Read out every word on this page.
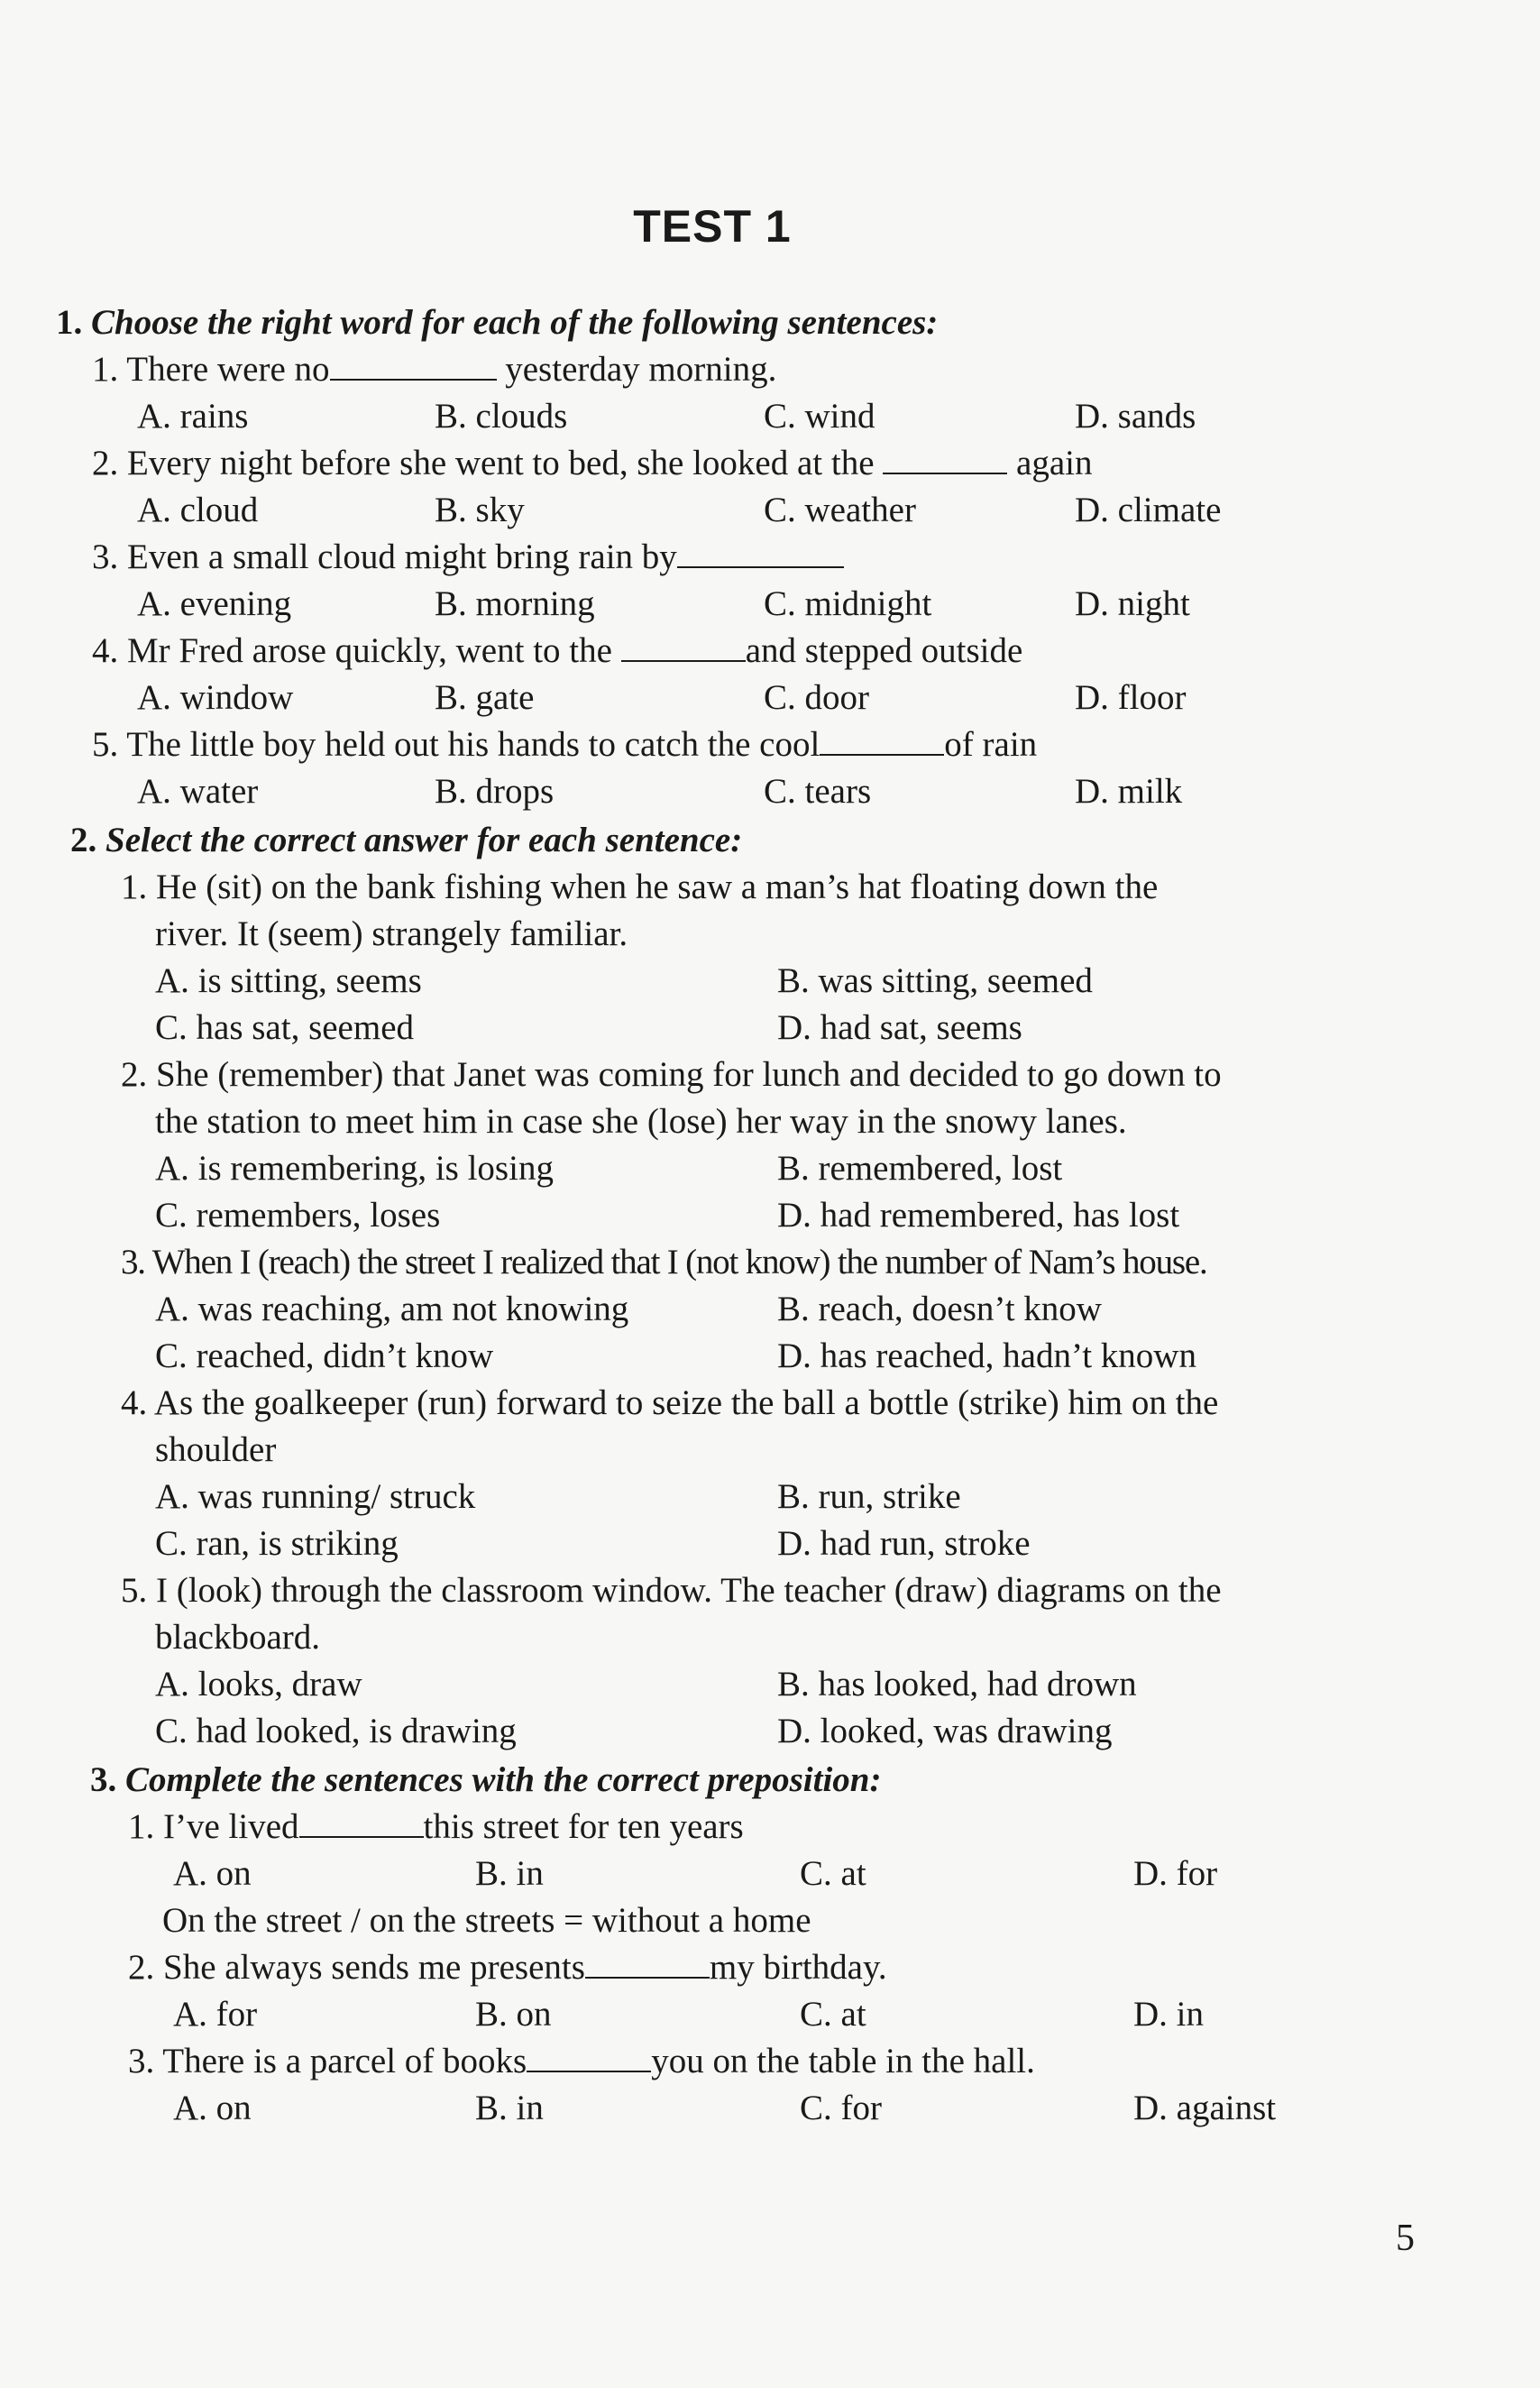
TEST 1
1. Choose the right word for each of the following sentences:
1. There were no	yesterday morning.
A. rains	B. clouds	C. wind	D. sands
2. Every night before she went to bed, she looked at the	again
A. cloud	B. sky	C. weather	D. climate
3. Even a small cloud might bring rain by
A. evening	B. morning	C. midnight	D. night
4. Mr Fred arose quickly, went to the	and stepped outside
A. window	B. gate	C. door	D. floor
5. The little boy held out his hands to catch the cool	of rain
A. water	B. drops	C. tears	D. milk
2. Select the correct answer for each sentence:
1. He (sit) on the bank fishing when he saw a man’s hat floating down the
river. It (seem) strangely familiar.
A. is sitting, seems	B. was sitting, seemed
C. has sat, seemed	D. had sat, seems
2. She (remember) that Janet was coming for lunch and decided to go down to
the station to meet him in case she (lose) her way in the snowy lanes.
A. is remembering, is losing	B. remembered, lost
C. remembers, loses	D. had remembered, has lost
3. When I (reach) the street I realized that I (not know) the number of Nam’s house.
A. was reaching, am not knowing	B. reach, doesn’t know
C. reached, didn’t know	D. has reached, hadn’t known
4. As the goalkeeper (run) forward to seize the ball a bottle (strike) him on the
shoulder
A. was running/ struck	B. run, strike
C. ran, is striking	D. had run, stroke
5. I (look) through the classroom window. The teacher (draw) diagrams on the
blackboard.
A. looks, draw	B. has looked, had drown
C. had looked, is drawing	D. looked, was drawing
3. Complete the sentences with the correct preposition:
1. I’ve lived	this street for ten years
A. on	B. in	C. at	D. for
On the street / on the streets = without a home
2. She always sends me presents	my birthday.
A. for	B. on	C. at	D. in
3. There is a parcel of books	you on the table in the hall.
A. on	B. in	C. for	D. against
5
